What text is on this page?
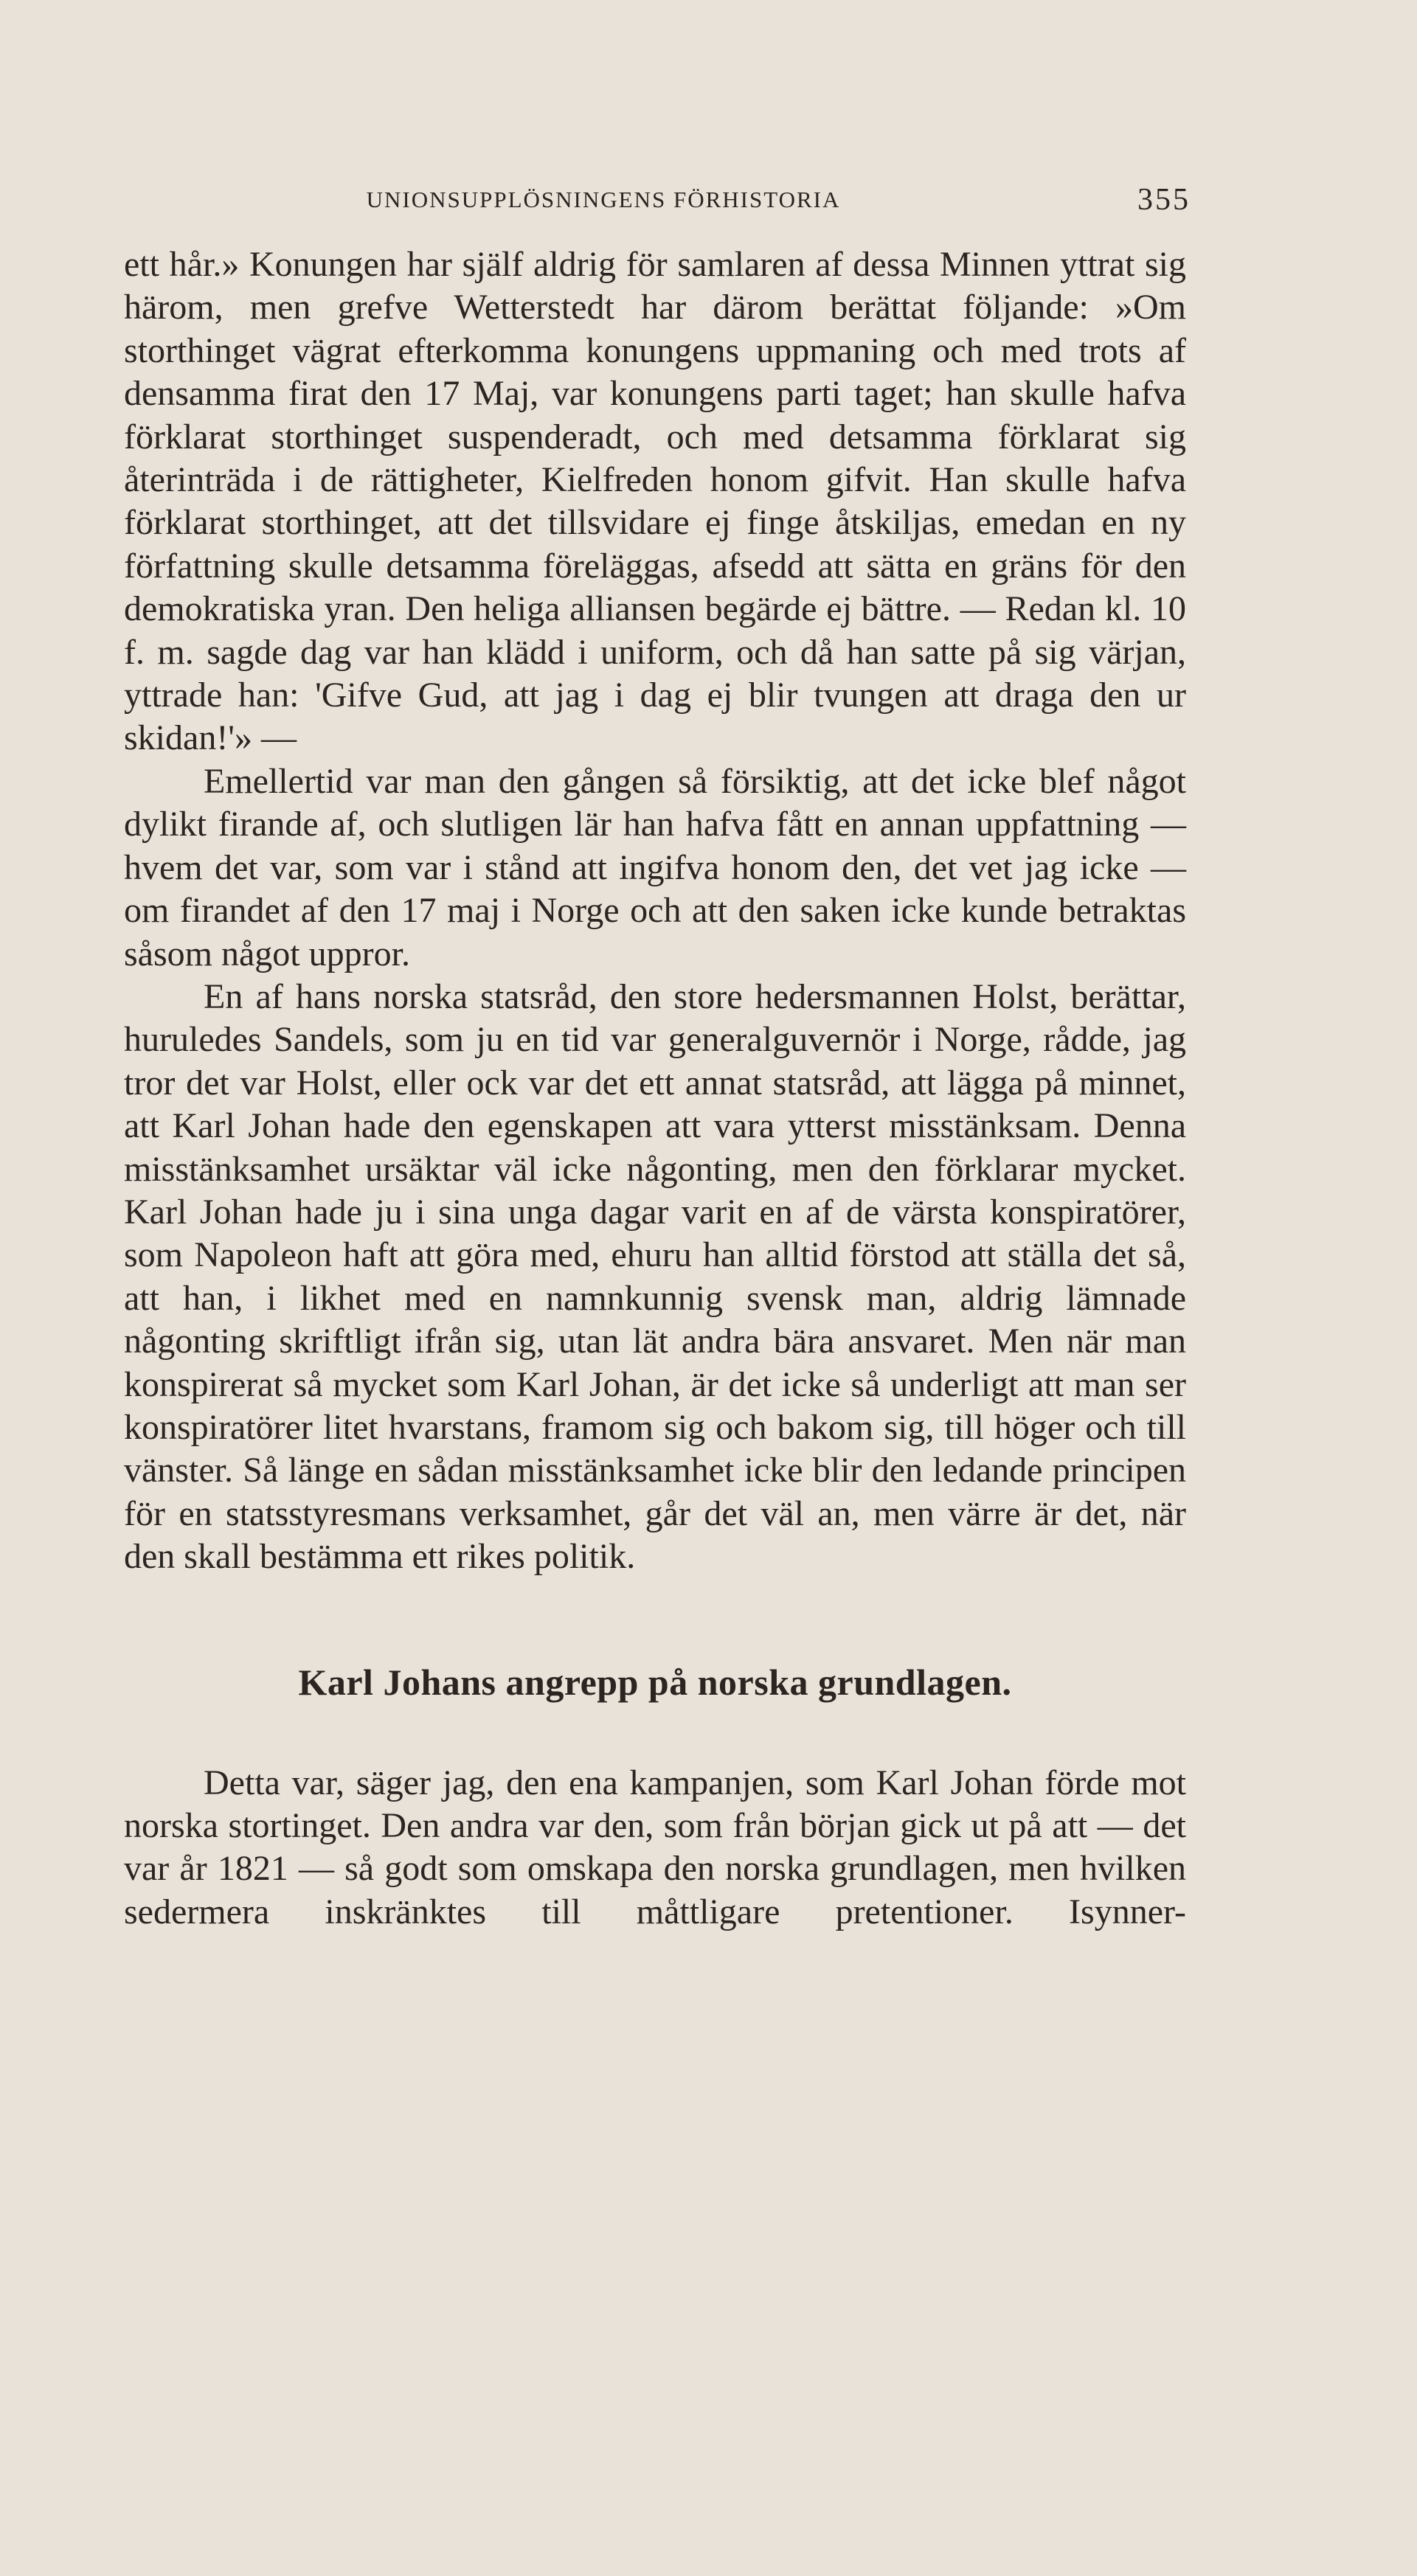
UNIONSUPPLÖSNINGENS FÖRHISTORIA	355

ett hår.» Konungen har själf aldrig för samlaren af dessa Minnen yttrat sig härom, men grefve Wetterstedt har därom berättat följande: »Om storthinget vägrat efterkomma konungens uppmaning och med trots af densamma firat den 17 Maj, var konungens parti taget; han skulle hafva förklarat storthinget suspenderadt, och med detsamma förklarat sig återinträda i de rättigheter, Kielfreden honom gifvit. Han skulle hafva förklarat storthinget, att det tillsvidare ej finge åtskiljas, emedan en ny författning skulle detsamma föreläggas, afsedd att sätta en gräns för den demokratiska yran. Den heliga alliansen begärde ej bättre. — Redan kl. 10 f. m. sagde dag var han klädd i uniform, och då han satte på sig värjan, yttrade han: 'Gifve Gud, att jag i dag ej blir tvungen att draga den ur skidan!'» —

Emellertid var man den gången så försiktig, att det icke blef något dylikt firande af, och slutligen lär han hafva fått en annan uppfattning — hvem det var, som var i stånd att ingifva honom den, det vet jag icke — om firandet af den 17 maj i Norge och att den saken icke kunde betraktas såsom något uppror.

En af hans norska statsråd, den store hedersmannen Holst, berättar, huruledes Sandels, som ju en tid var generalguvernör i Norge, rådde, jag tror det var Holst, eller ock var det ett annat statsråd, att lägga på minnet, att Karl Johan hade den egenskapen att vara ytterst misstänksam. Denna misstänksamhet ursäktar väl icke någonting, men den förklarar mycket. Karl Johan hade ju i sina unga dagar varit en af de värsta konspiratörer, som Napoleon haft att göra med, ehuru han alltid förstod att ställa det så, att han, i likhet med en namnkunnig svensk man, aldrig lämnade någonting skriftligt ifrån sig, utan lät andra bära ansvaret. Men när man konspirerat så mycket som Karl Johan, är det icke så underligt att man ser konspiratörer litet hvarstans, framom sig och bakom sig, till höger och till vänster. Så länge en sådan misstänksamhet icke blir den ledande principen för en statsstyresmans verksamhet, går det väl an, men värre är det, när den skall bestämma ett rikes politik.

Karl Johans angrepp på norska grundlagen.

Detta var, säger jag, den ena kampanjen, som Karl Johan förde mot norska stortinget. Den andra var den, som från början gick ut på att — det var år 1821 — så godt som omskapa den norska grundlagen, men hvilken sedermera inskränktes till måttligare pretentioner. Isynner-
